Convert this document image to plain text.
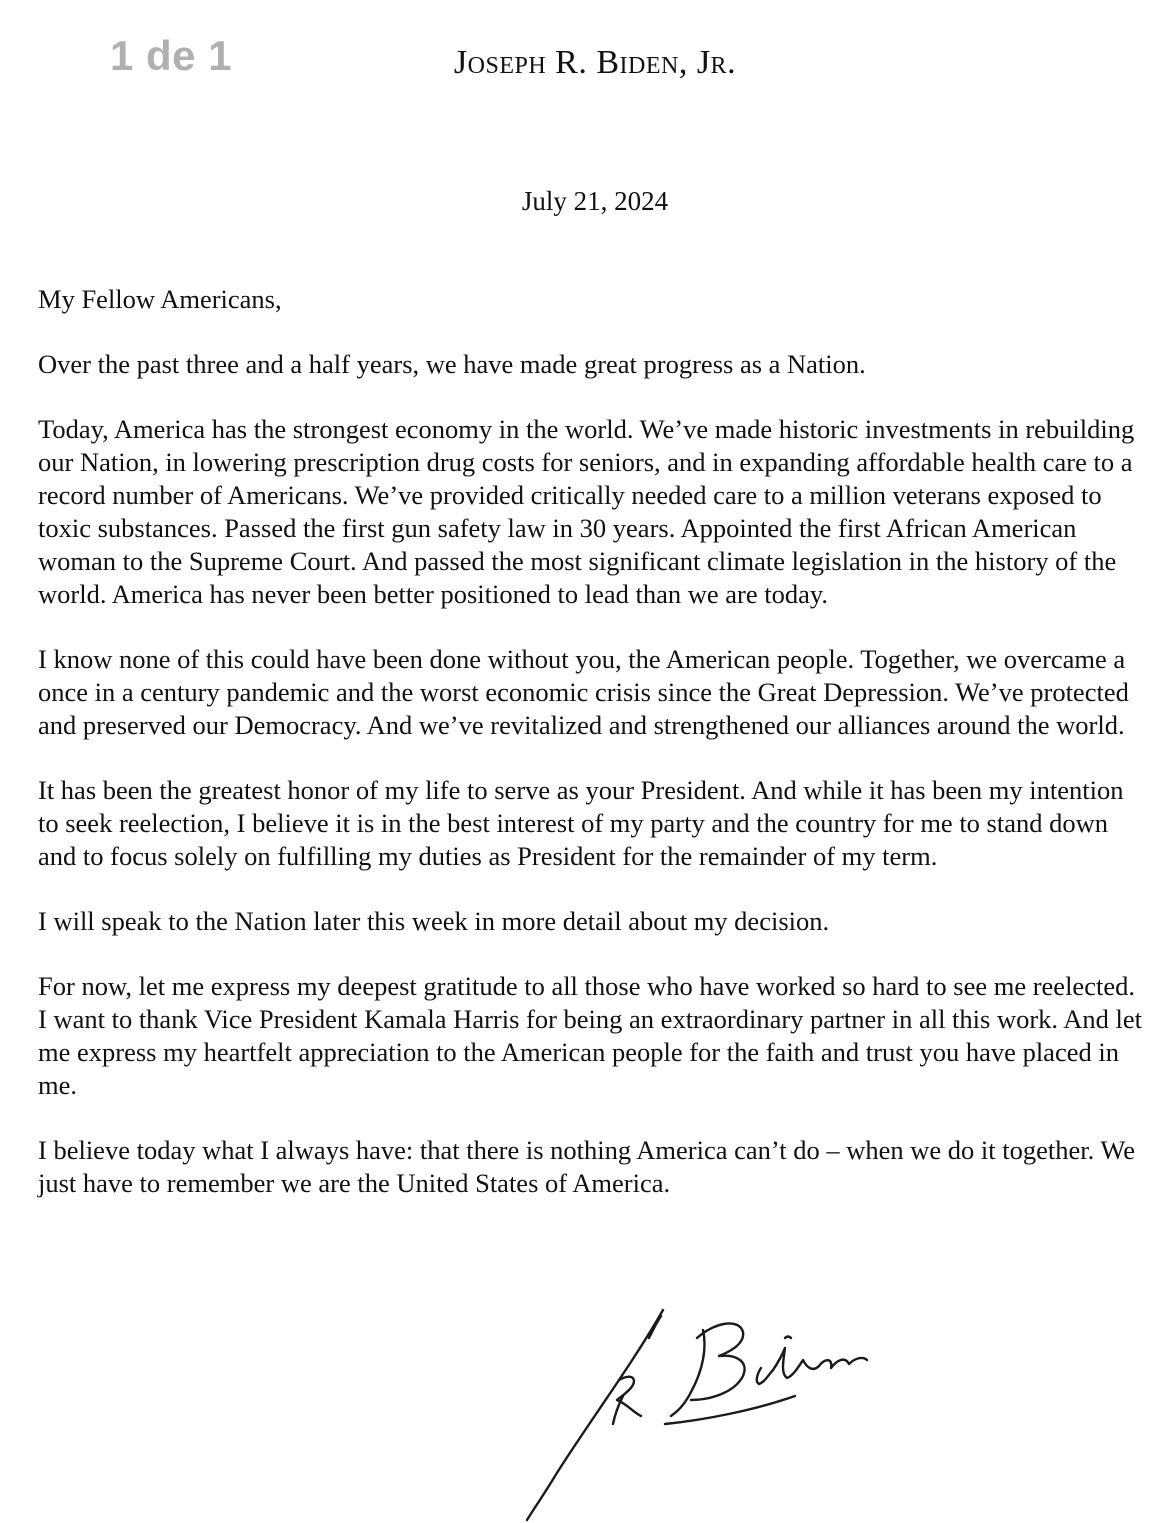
1 de 1	Joseph R. Biden, Jr.
July 21, 2024

My Fellow Americans,

Over the past three and a half years, we have made great progress as a Nation.

Today, America has the strongest economy in the world. We’ve made historic investments in rebuilding our Nation, in lowering prescription drug costs for seniors, and in expanding affordable health care to a record number of Americans. We’ve provided critically needed care to a million veterans exposed to toxic substances. Passed the first gun safety law in 30 years. Appointed the first African American woman to the Supreme Court. And passed the most significant climate legislation in the history of the world. America has never been better positioned to lead than we are today.

I know none of this could have been done without you, the American people. Together, we overcame a once in a century pandemic and the worst economic crisis since the Great Depression. We’ve protected and preserved our Democracy. And we’ve revitalized and strengthened our alliances around the world.

It has been the greatest honor of my life to serve as your President. And while it has been my intention to seek reelection, I believe it is in the best interest of my party and the country for me to stand down and to focus solely on fulfilling my duties as President for the remainder of my term.

I will speak to the Nation later this week in more detail about my decision.

For now, let me express my deepest gratitude to all those who have worked so hard to see me reelected. I want to thank Vice President Kamala Harris for being an extraordinary partner in all this work. And let me express my heartfelt appreciation to the American people for the faith and trust you have placed in me.

I believe today what I always have: that there is nothing America can’t do – when we do it together. We just have to remember we are the United States of America.
